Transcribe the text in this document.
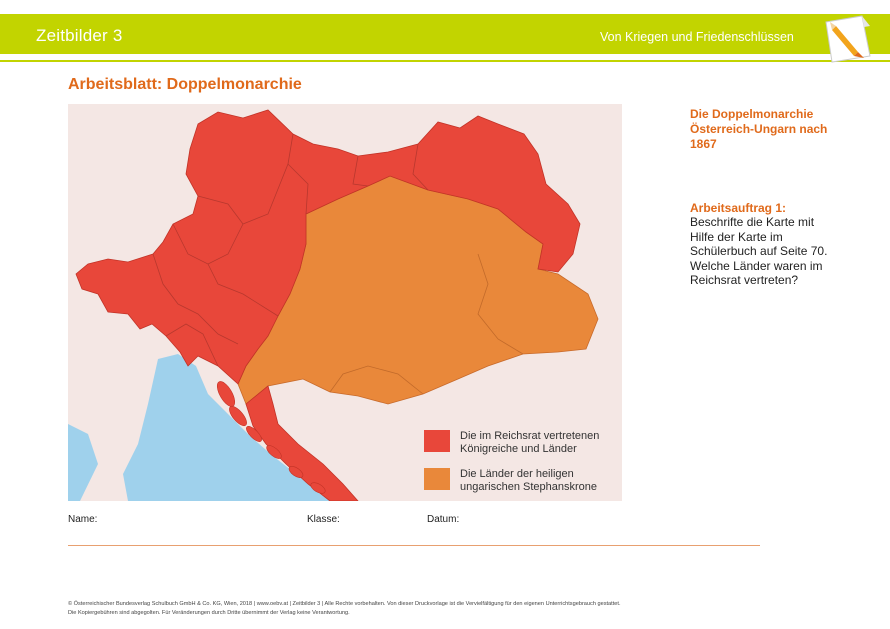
Zeitbilder 3	Von Kriegen und Friedenschlüssen
Arbeitsblatt: Doppelmonarchie
Die im Reichsrat vertretenen
Königreiche und Länder
Die Länder der heiligen
ungarischen Stephanskrone
Die Doppelmonarchie
Österreich-Ungarn nach
1867
Arbeitsauftrag 1:
Beschrifte die Karte mit
Hilfe der Karte im
Schülerbuch auf Seite 70.
Welche Länder waren im
Reichsrat vertreten?
Name:	Klasse:	Datum:
© Österreichischer Bundesverlag Schulbuch GmbH & Co. KG, Wien, 2018 | www.oebv.at | Zeitbilder 3 | Alle Rechte vorbehalten. Von dieser Druckvorlage ist die Vervielfältigung für den eigenen Unterrichtsgebrauch gestattet.
Die Kopiergebühren sind abgegolten. Für Veränderungen durch Dritte übernimmt der Verlag keine Verantwortung.
